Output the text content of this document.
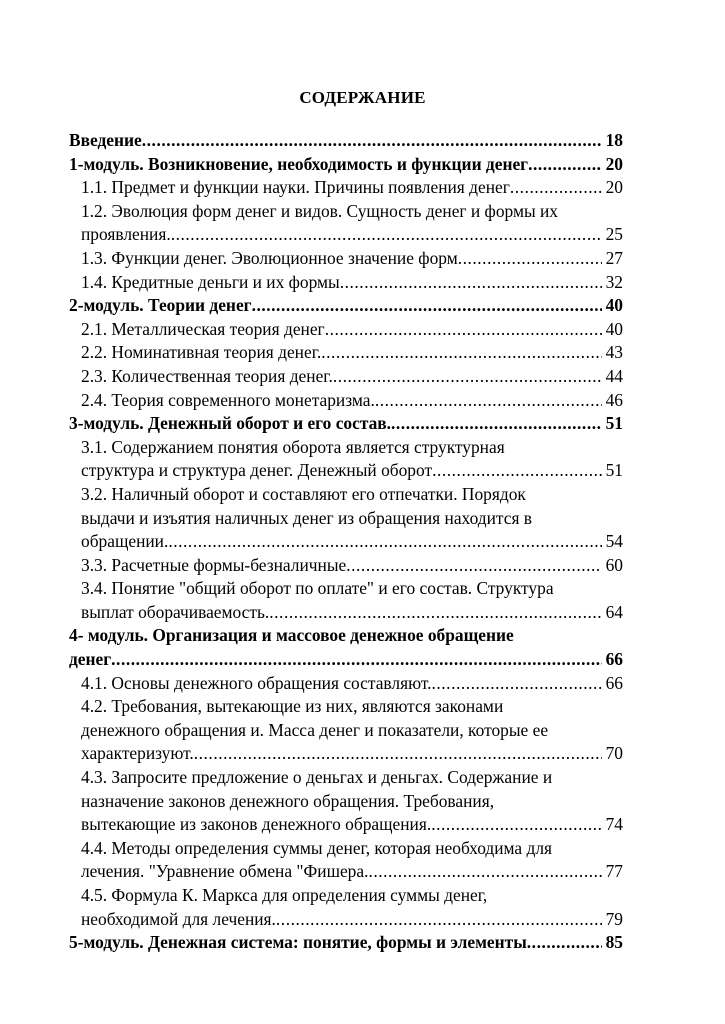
СОДЕРЖАНИЕ
Введение . . .	18
1-модуль. Возникновение, необходимость и функции денег . . .	20
1.1. Предмет и функции науки. Причины появления денег . . .	20
1.2. Эволюция форм денег и видов. Сущность денег и формы их
проявления. . . .	25
1.3. Функции денег. Эволюционное значение форм . . .	27
1.4. Кредитные деньги и их формы . . .	32
2-модуль. Теории денег . . .	40
2.1. Металлическая теория денег . . .	40
2.2. Номинативная теория денег. . . .	43
2.3. Количественная теория денег. . . .	44
2.4. Теория современного монетаризма. . . .	46
3-модуль. Денежный оборот и его состав. . . .	51
3.1. Содержанием понятия оборота является структурная
структура и структура денег. Денежный оборот . . .	51
3.2. Наличный оборот и составляют его отпечатки. Порядок
выдачи и изъятия наличных денег из обращения находится в
обращении. . . .	54
3.3. Расчетные формы-безналичные . . .	60
3.4. Понятие "общий оборот по оплате" и его состав. Структура
выплат оборачиваемость. . . .	64
4- модуль. Организация и массовое денежное обращение
денег . . .	66
4.1. Основы денежного обращения составляют. . . .	66
4.2. Требования, вытекающие из них, являются законами
денежного обращения и. Масса денег и показатели, которые ее
характеризуют. . . .	70
4.3. Запросите предложение о деньгах и деньгах. Содержание и
назначение законов денежного обращения. Требования,
вытекающие из законов денежного обращения. . . .	74
4.4. Методы определения суммы денег, которая необходима для
лечения. "Уравнение обмена "Фишера. . . .	77
4.5. Формула К. Маркса для определения суммы денег,
необходимой для лечения. . . .	79
5-модуль. Денежная система: понятие, формы и элементы . . .	85
